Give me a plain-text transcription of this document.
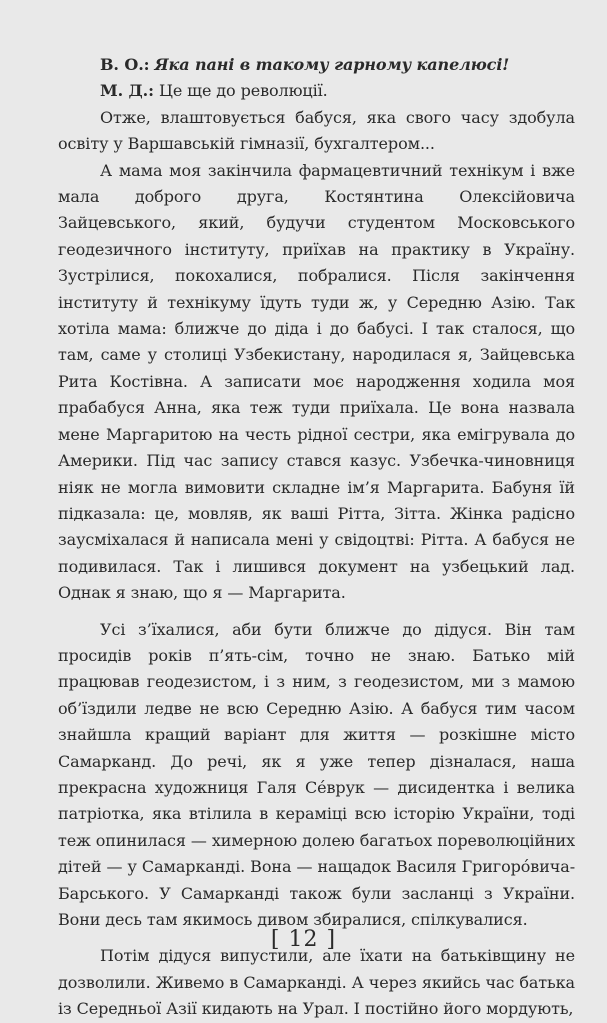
В. О.: Яка пані в такому гарному капелюсі!

М. Д.: Це ще до революції.

Отже, влаштовується бабуся, яка свого часу здобула освіту у Варшавській гімназії, бухгалтером...

А мама моя закінчила фармацевтичний технікум і вже мала доброго друга, Костянтина Олексійовича Зайцевського, який, будучи студентом Московського геодезичного інституту, приїхав на практику в Україну. Зустрілися, покохалися, побралися. Після закінчення інституту й технікуму їдуть туди ж, у Середню Азію. Так хотіла мама: ближче до діда і до бабусі. І так сталося, що там, саме у столиці Узбекистану, народилася я, Зайцевська Рита Костівна. А записати моє народження ходила моя прабабуся Анна, яка теж туди приїхала. Це вона назвала мене Маргаритою на честь рідної сестри, яка емігрувала до Америки. Під час запису стався казус. Узбечка-чиновниця ніяк не могла вимовити складне ім’я Маргарита. Бабуня їй підказала: це, мовляв, як ваші Рітта, Зітта. Жінка радісно заусміхалася й написала мені у свідоцтві: Рітта. А бабуся не подивилася. Так і лишився документ на узбецький лад. Однак я знаю, що я — Маргарита.

Усі з’їхалися, аби бути ближче до дідуся. Він там просидів років п’ять-сім, точно не знаю. Батько мій працював геодезистом, і з ним, з геодезистом, ми з мамою об’їздили ледве не всю Середню Азію. А бабуся тим часом знайшла кращий варіант для життя — розкішне місто Самарканд. До речі, як я уже тепер дізналася, наша прекрасна художниця Галя Се́врук — дисидентка і велика патріотка, яка втілила в кераміці всю історію України, тоді теж опинилася — химерною долею багатьох пореволюційних дітей — у Самарканді. Вона — нащадок Василя Григоро́вича-Барського. У Самарканді також були засланці з України. Вони десь там якимось дивом збиралися, спілкувалися.

Потім дідуся випустили, але їхати на батьківщину не дозволили. Живемо в Самарканді. А через якийсь час батька із Середньої Азії кидають на Урал. І постійно його мордують,

[ 12 ]
